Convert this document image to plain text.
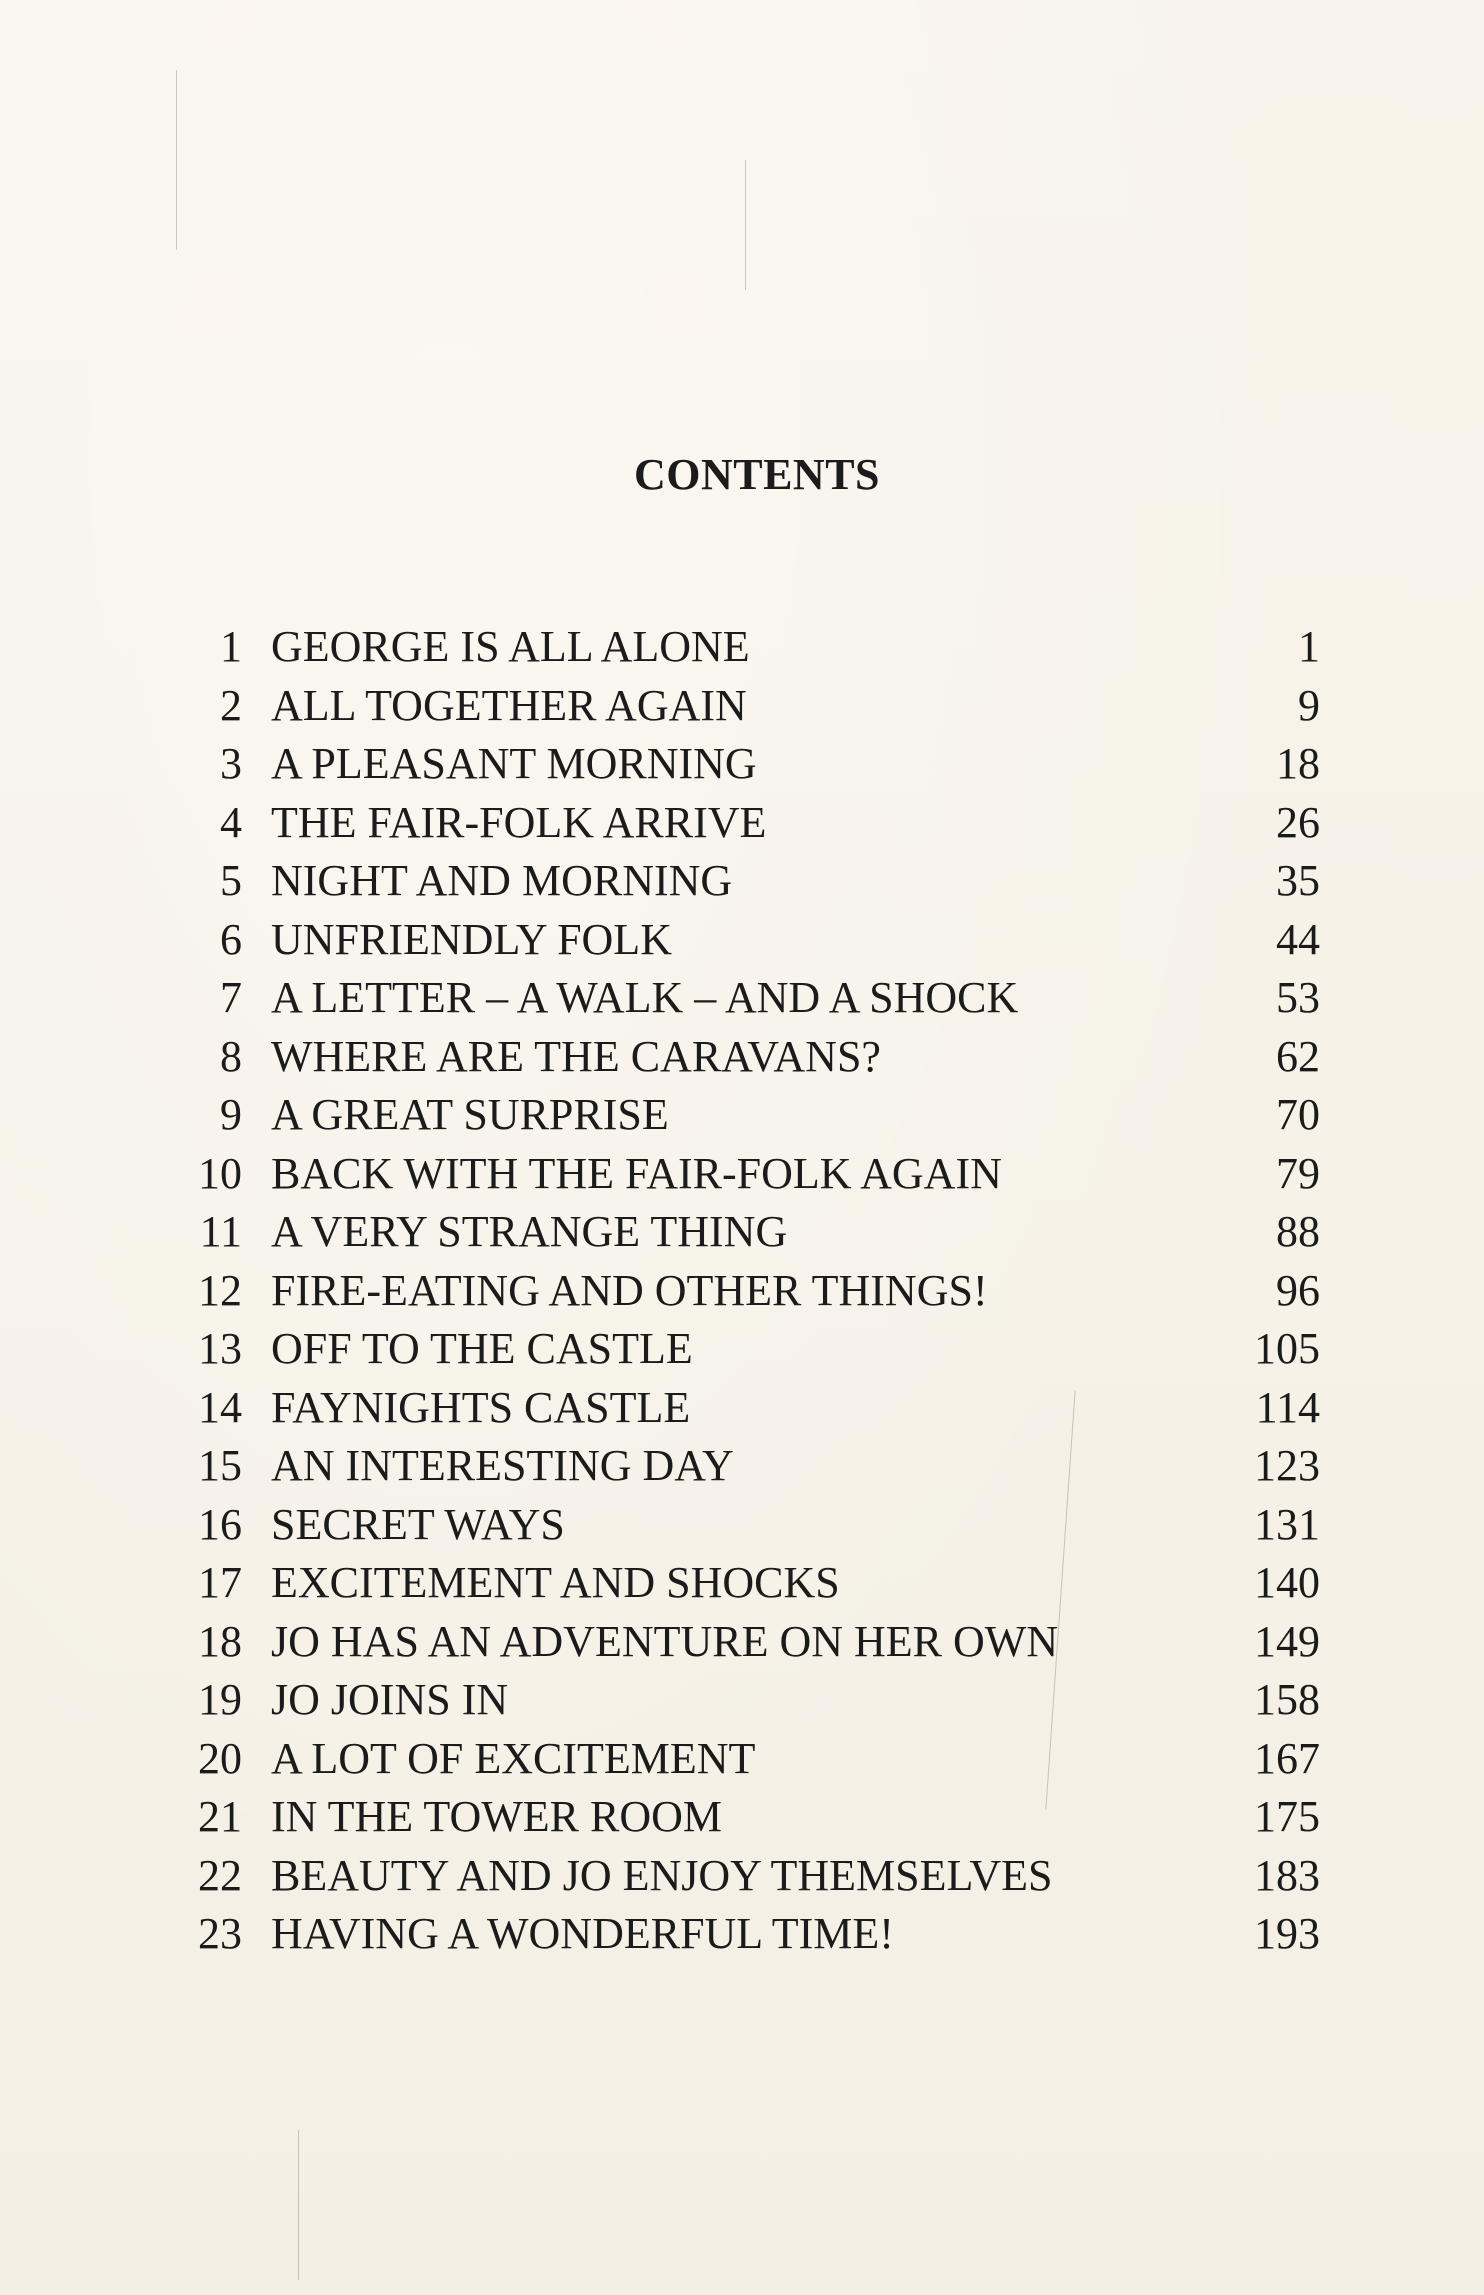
CONTENTS
1 GEORGE IS ALL ALONE	1
2 ALL TOGETHER AGAIN	9
3 A PLEASANT MORNING	18
4 THE FAIR-FOLK ARRIVE	26
5 NIGHT AND MORNING	35
6 UNFRIENDLY FOLK	44
7 A LETTER – A WALK – AND A SHOCK	53
8 WHERE ARE THE CARAVANS?	62
9 A GREAT SURPRISE	70
10 BACK WITH THE FAIR-FOLK AGAIN	79
11 A VERY STRANGE THING	88
12 FIRE-EATING AND OTHER THINGS!	96
13 OFF TO THE CASTLE	105
14 FAYNIGHTS CASTLE	114
15 AN INTERESTING DAY	123
16 SECRET WAYS	131
17 EXCITEMENT AND SHOCKS	140
18 JO HAS AN ADVENTURE ON HER OWN	149
19 JO JOINS IN	158
20 A LOT OF EXCITEMENT	167
21 IN THE TOWER ROOM	175
22 BEAUTY AND JO ENJOY THEMSELVES	183
23 HAVING A WONDERFUL TIME!	193
